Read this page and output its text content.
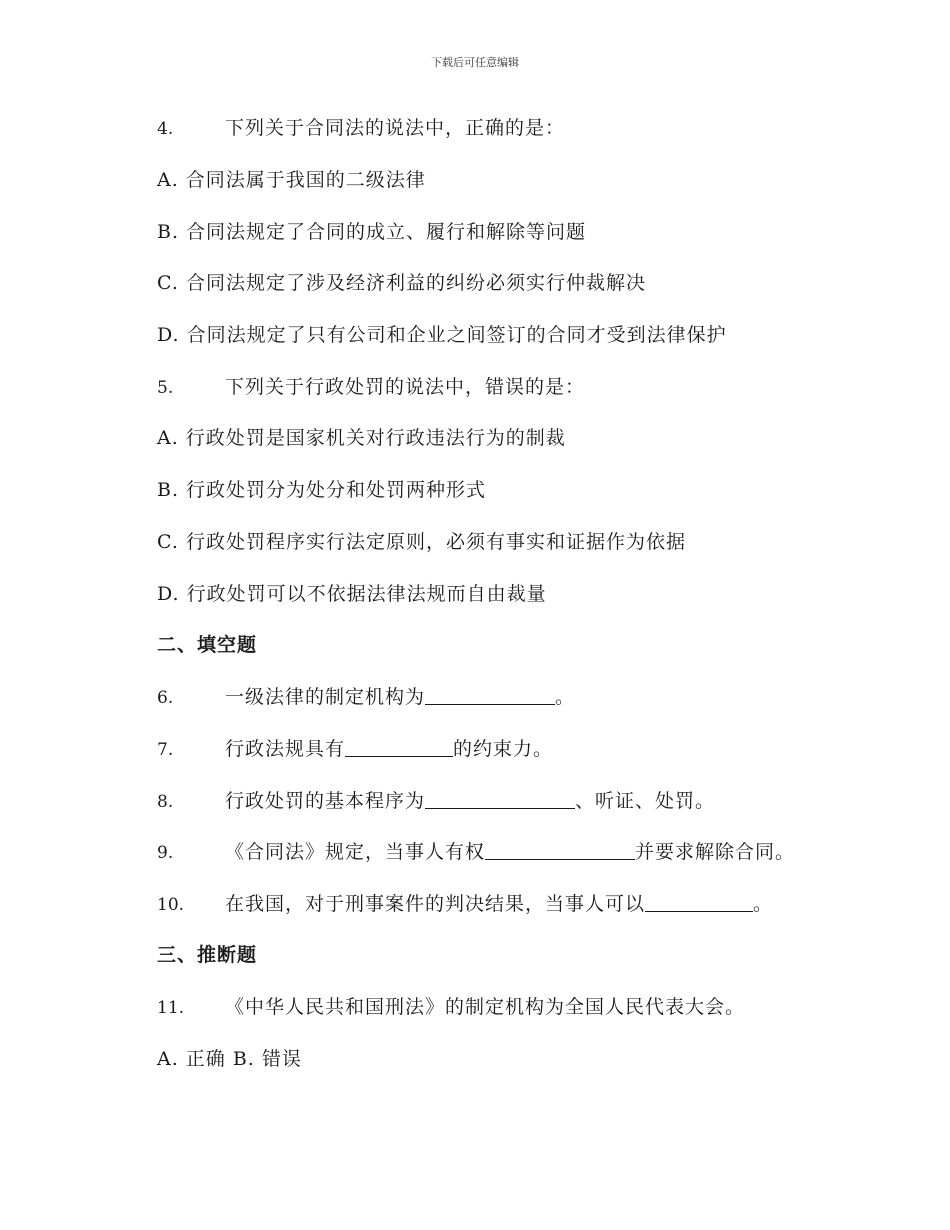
下载后可任意编辑
4.	下列关于合同法的说法中，正确的是：
A. 合同法属于我国的二级法律
B. 合同法规定了合同的成立、履行和解除等问题
C. 合同法规定了涉及经济利益的纠纷必须实行仲裁解决
D. 合同法规定了只有公司和企业之间签订的合同才受到法律保护
5.	下列关于行政处罚的说法中，错误的是：
A. 行政处罚是国家机关对行政违法行为的制裁
B. 行政处罚分为处分和处罚两种形式
C. 行政处罚程序实行法定原则，必须有事实和证据作为依据
D. 行政处罚可以不依据法律法规而自由裁量
二、填空题
6.	一级法律的制定机构为	。
7.	行政法规具有	的约束力。
8.	行政处罚的基本程序为	、听证、处罚。
9.	《合同法》规定，当事人有权	并要求解除合同。
10. 在我国，对于刑事案件的判决结果，当事人可以	。
三、推断题
11. 《中华人民共和国刑法》的制定机构为全国人民代表大会。
A. 正确 B. 错误
